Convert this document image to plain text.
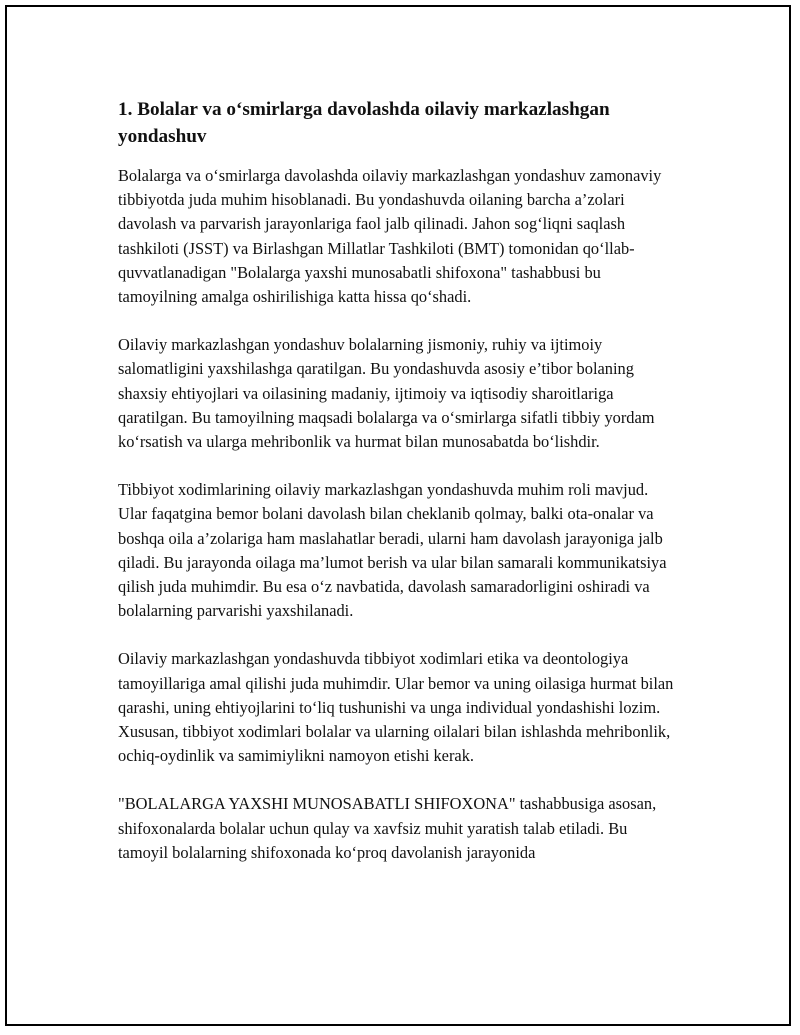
1. Bolalar va o‘smirlarga davolashda oilaviy markazlashgan yondashuv

Bolalarga va o‘smirlarga davolashda oilaviy markazlashgan yondashuv zamonaviy tibbiyotda juda muhim hisoblanadi. Bu yondashuvda oilaning barcha a’zolari davolash va parvarish jarayonlariga faol jalb qilinadi. Jahon sog‘liqni saqlash tashkiloti (JSST) va Birlashgan Millatlar Tashkiloti (BMT) tomonidan qo‘llab-quvvatlanadigan "Bolalarga yaxshi munosabatli shifoxona" tashabbusi bu tamoyilning amalga oshirilishiga katta hissa qo‘shadi.

Oilaviy markazlashgan yondashuv bolalarning jismoniy, ruhiy va ijtimoiy salomatligini yaxshilashga qaratilgan. Bu yondashuvda asosiy e’tibor bolaning shaxsiy ehtiyojlari va oilasining madaniy, ijtimoiy va iqtisodiy sharoitlariga qaratilgan. Bu tamoyilning maqsadi bolalarga va o‘smirlarga sifatli tibbiy yordam ko‘rsatish va ularga mehribonlik va hurmat bilan munosabatda bo‘lishdir.

Tibbiyot xodimlarining oilaviy markazlashgan yondashuvda muhim roli mavjud. Ular faqatgina bemor bolani davolash bilan cheklanib qolmay, balki ota-onalar va boshqa oila a’zolariga ham maslahatlar beradi, ularni ham davolash jarayoniga jalb qiladi. Bu jarayonda oilaga ma’lumot berish va ular bilan samarali kommunikatsiya qilish juda muhimdir. Bu esa o‘z navbatida, davolash samaradorligini oshiradi va bolalarning parvarishi yaxshilanadi.

Oilaviy markazlashgan yondashuvda tibbiyot xodimlari etika va deontologiya tamoyillariga amal qilishi juda muhimdir. Ular bemor va uning oilasiga hurmat bilan qarashi, uning ehtiyojlarini to‘liq tushunishi va unga individual yondashishi lozim. Xususan, tibbiyot xodimlari bolalar va ularning oilalari bilan ishlashda mehribonlik, ochiq-oydinlik va samimiylikni namoyon etishi kerak.

"BOLALARGA YAXSHI MUNOSABATLI SHIFOXONA" tashabbusiga asosan, shifoxonalarda bolalar uchun qulay va xavfsiz muhit yaratish talab etiladi. Bu tamoyil bolalarning shifoxonada ko‘proq davolanish jarayonida
